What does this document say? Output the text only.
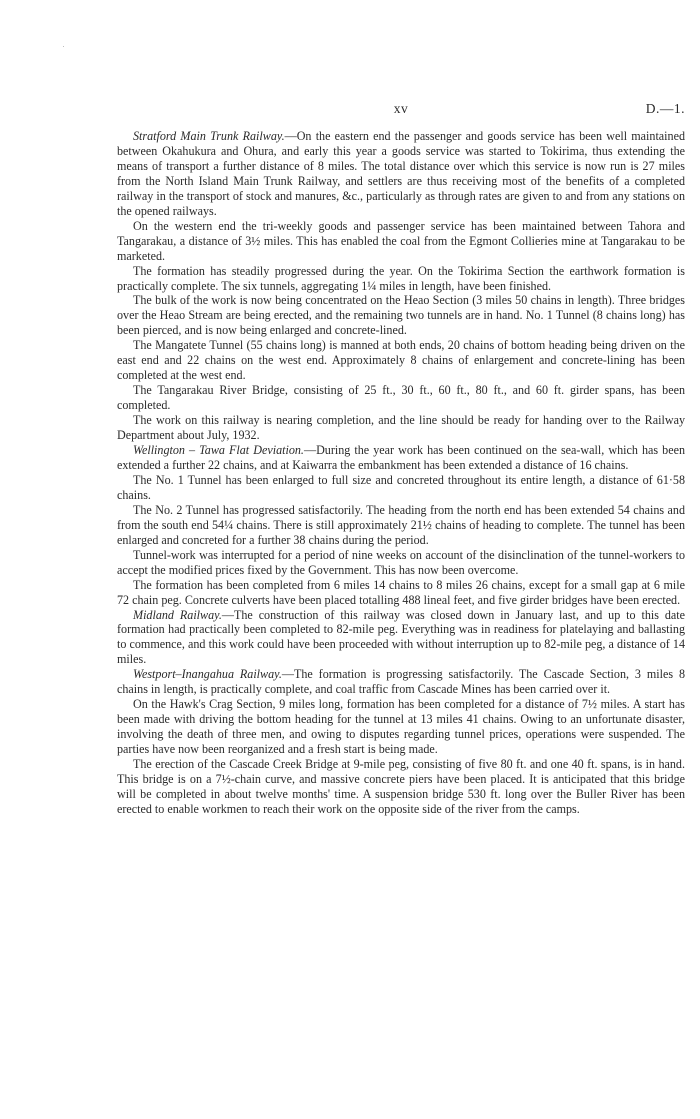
xv	D.—1.

Stratford Main Trunk Railway.—On the eastern end the passenger and goods service has been well maintained between Okahukura and Ohura, and early this year a goods service was started to Tokirima, thus extending the means of transport a further distance of 8 miles. The total distance over which this service is now run is 27 miles from the North Island Main Trunk Railway, and settlers are thus receiving most of the benefits of a completed railway in the transport of stock and manures, &c., particularly as through rates are given to and from any stations on the opened railways.

On the western end the tri-weekly goods and passenger service has been maintained between Tahora and Tangarakau, a distance of 3½ miles. This has enabled the coal from the Egmont Collieries mine at Tangarakau to be marketed.

The formation has steadily progressed during the year. On the Tokirima Section the earthwork formation is practically complete. The six tunnels, aggregating 1¼ miles in length, have been finished.

The bulk of the work is now being concentrated on the Heao Section (3 miles 50 chains in length). Three bridges over the Heao Stream are being erected, and the remaining two tunnels are in hand. No. 1 Tunnel (8 chains long) has been pierced, and is now being enlarged and concrete-lined.

The Mangatete Tunnel (55 chains long) is manned at both ends, 20 chains of bottom heading being driven on the east end and 22 chains on the west end. Approximately 8 chains of enlargement and concrete-lining has been completed at the west end.

The Tangarakau River Bridge, consisting of 25 ft., 30 ft., 60 ft., 80 ft., and 60 ft. girder spans, has been completed.

The work on this railway is nearing completion, and the line should be ready for handing over to the Railway Department about July, 1932.

Wellington – Tawa Flat Deviation.—During the year work has been continued on the sea-wall, which has been extended a further 22 chains, and at Kaiwarra the embankment has been extended a distance of 16 chains.

The No. 1 Tunnel has been enlarged to full size and concreted throughout its entire length, a distance of 61·58 chains.

The No. 2 Tunnel has progressed satisfactorily. The heading from the north end has been extended 54 chains and from the south end 54¼ chains. There is still approximately 21½ chains of heading to complete. The tunnel has been enlarged and concreted for a further 38 chains during the period.

Tunnel-work was interrupted for a period of nine weeks on account of the disinclination of the tunnel-workers to accept the modified prices fixed by the Government. This has now been overcome.

The formation has been completed from 6 miles 14 chains to 8 miles 26 chains, except for a small gap at 6 mile 72 chain peg. Concrete culverts have been placed totalling 488 lineal feet, and five girder bridges have been erected.

Midland Railway.—The construction of this railway was closed down in January last, and up to this date formation had practically been completed to 82-mile peg. Everything was in readiness for platelaying and ballasting to commence, and this work could have been proceeded with without interruption up to 82-mile peg, a distance of 14 miles.

Westport–Inangahua Railway.—The formation is progressing satisfactorily. The Cascade Section, 3 miles 8 chains in length, is practically complete, and coal traffic from Cascade Mines has been carried over it.

On the Hawk's Crag Section, 9 miles long, formation has been completed for a distance of 7½ miles. A start has been made with driving the bottom heading for the tunnel at 13 miles 41 chains. Owing to an unfortunate disaster, involving the death of three men, and owing to disputes regarding tunnel prices, operations were suspended. The parties have now been reorganized and a fresh start is being made.

The erection of the Cascade Creek Bridge at 9-mile peg, consisting of five 80 ft. and one 40 ft. spans, is in hand. This bridge is on a 7½-chain curve, and massive concrete piers have been placed. It is anticipated that this bridge will be completed in about twelve months' time. A suspension bridge 530 ft. long over the Buller River has been erected to enable workmen to reach their work on the opposite side of the river from the camps.
